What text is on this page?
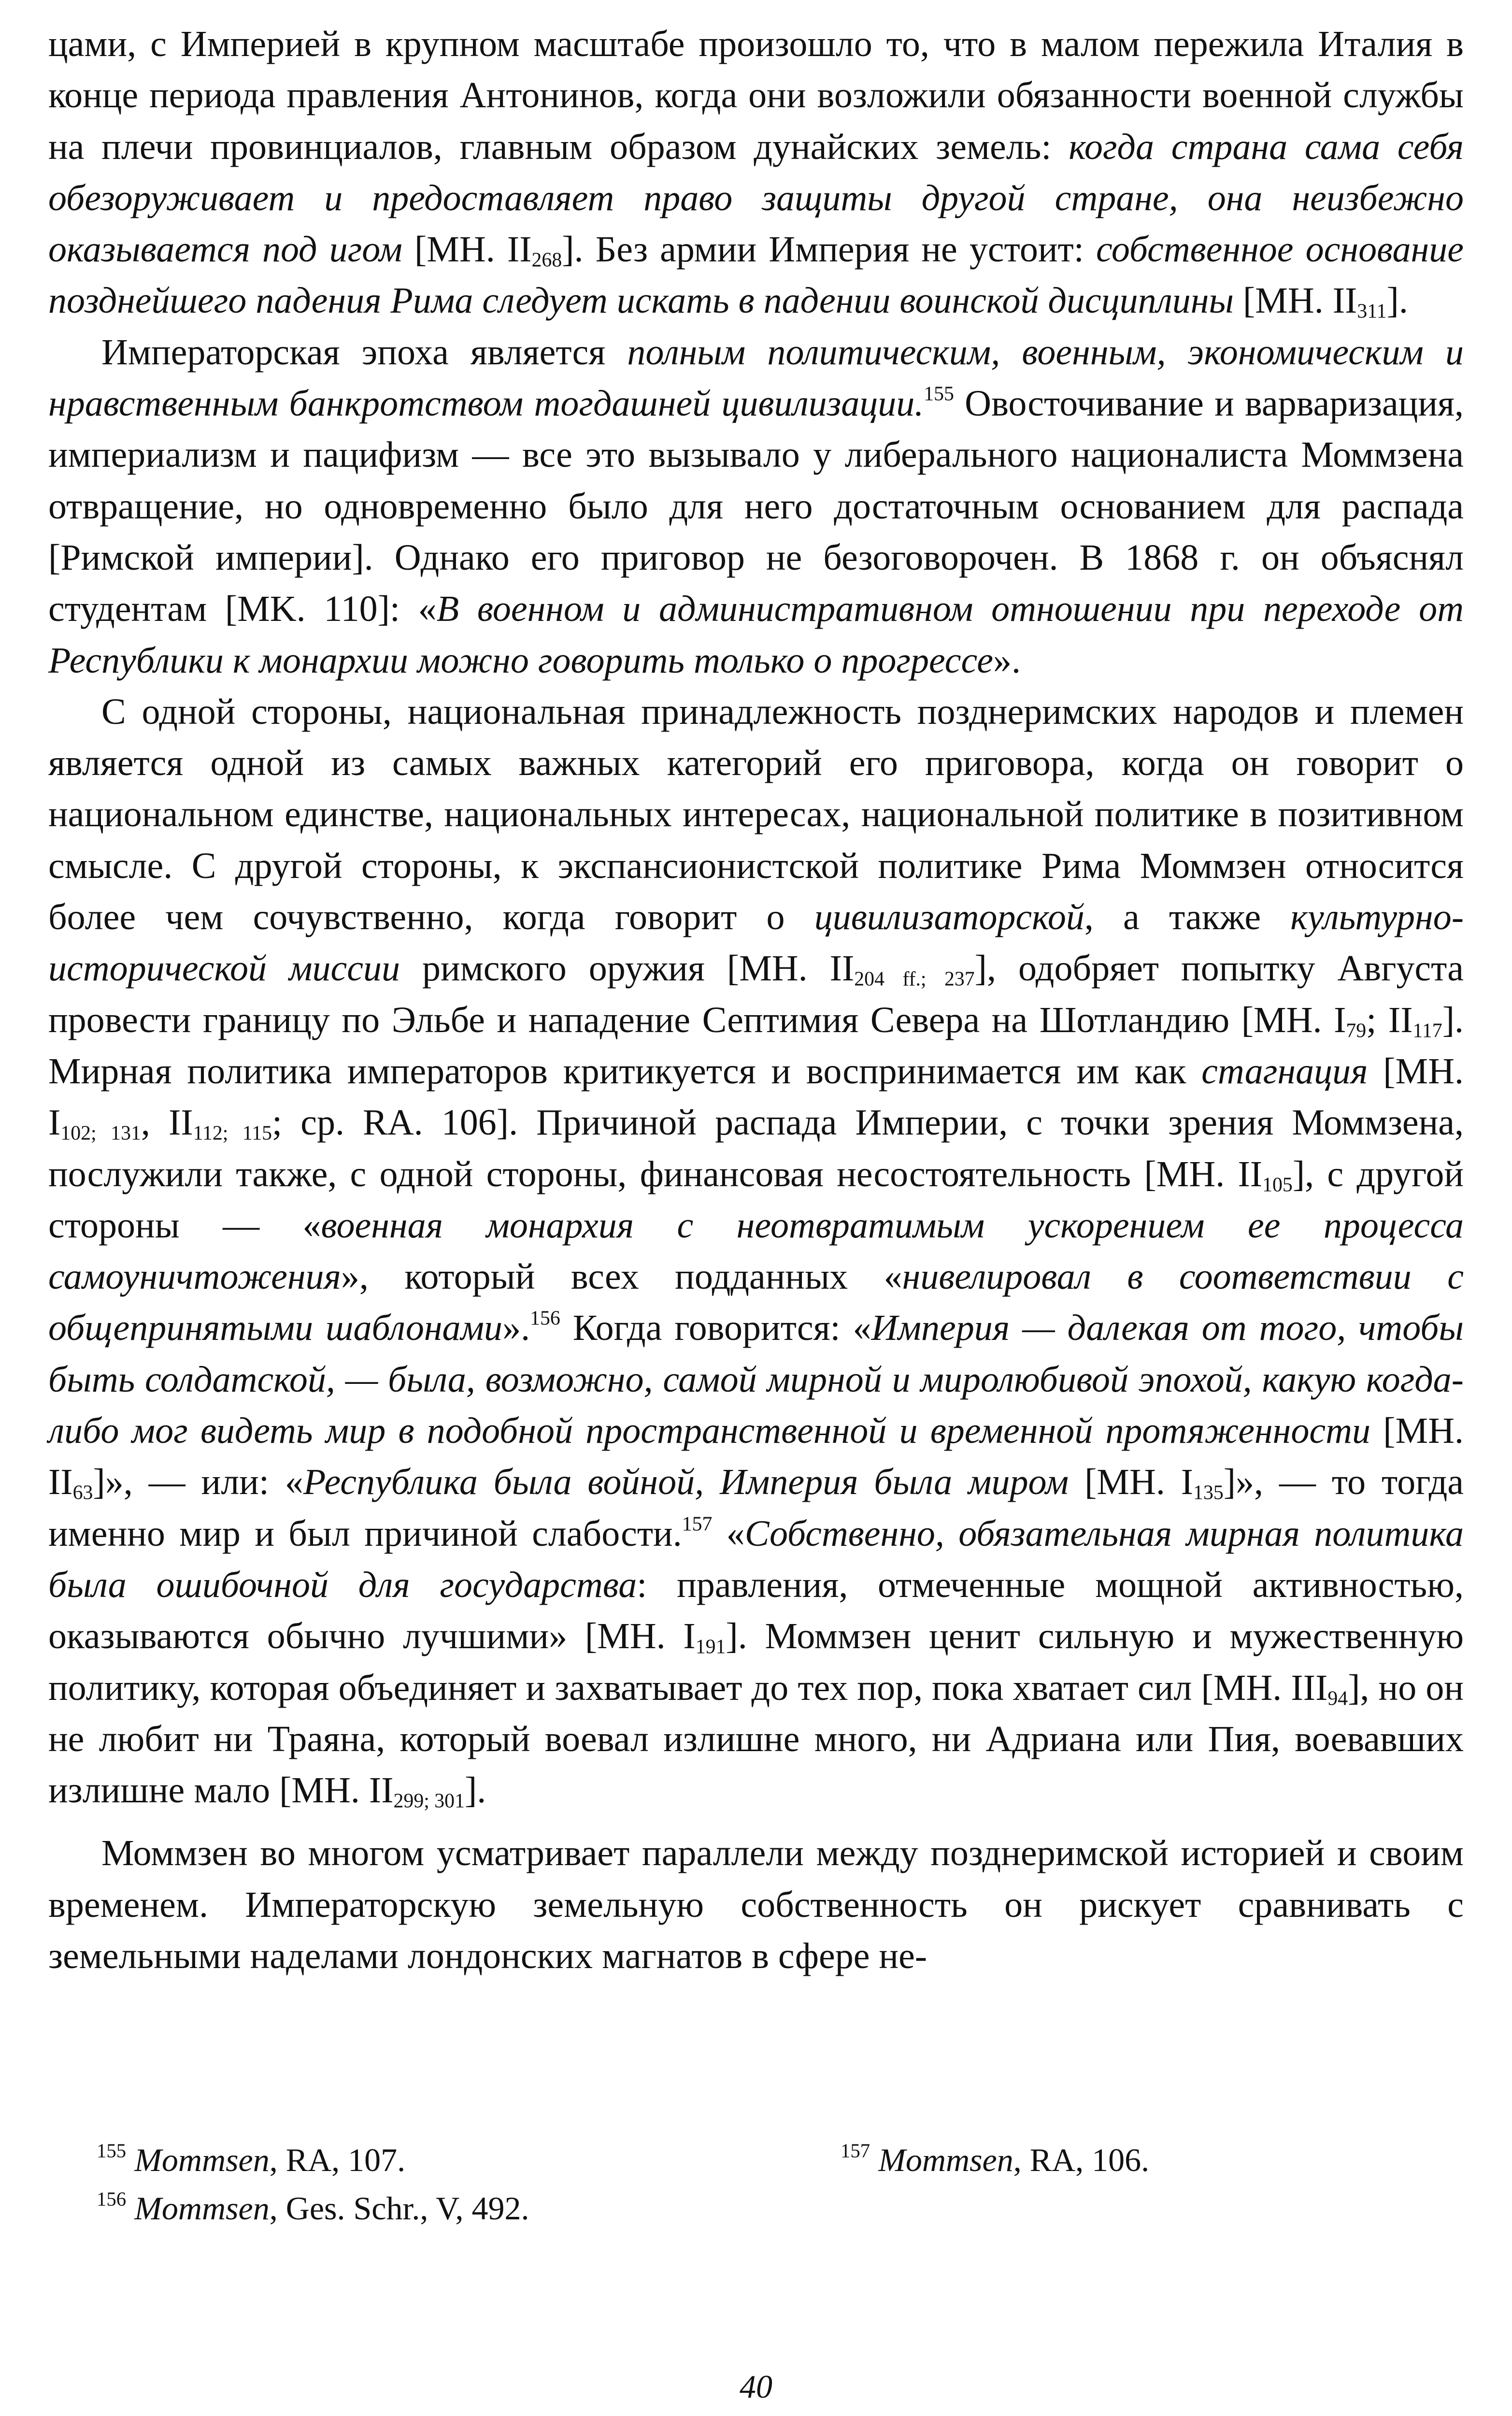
цами, с Империей в крупном масштабе произошло то, что в малом пережила Италия в конце периода правления Антонинов, когда они возложили обязанности военной службы на плечи провинциалов, главным образом дунайских земель: когда страна сама себя обезоруживает и предоставляет право защиты другой стране, она неизбежно оказывается под игом [MH. $II_{268}$]. Без армии Империя не устоит: собственное основание позднейшего падения Рима следует искать в падении воинской дисциплины [MH. $II_{311}$].

Императорская эпоха является полным политическим, военным, экономическим и нравственным банкротством тогдашней цивилизации.$^{155}$ Овосточивание и варваризация, империализм и пацифизм — все это вызывало у либерального националиста Моммзена отвращение, но одновременно было для него достаточным основанием для распада [Римской империи]. Однако его приговор не безоговорочен. В 1868 г. он объяснял студентам [MK. 110]: «В военном и административном отношении при переходе от Республики к монархии можно говорить только о прогрессе».

С одной стороны, национальная принадлежность позднеримских народов и племен является одной из самых важных категорий его приговора, когда он говорит о национальном единстве, национальных интересах, национальной политике в позитивном смысле. С другой стороны, к экспансионистской политике Рима Моммзен относится более чем сочувственно, когда говорит о цивилизаторской, а также культурно-исторической миссии римского оружия [MH. $II_{204 ff.; 237}$], одобряет попытку Августа провести границу по Эльбе и нападение Септимия Севера на Шотландию [MH. $I_{79}$; $II_{117}$]. Мирная политика императоров критикуется и воспринимается им как стагнация [MH. $I_{102; 131}$, $II_{112; 115}$; cp. RA. 106]. Причиной распада Империи, с точки зрения Моммзена, послужили также, с одной стороны, финансовая несостоятельность [MH. $II_{105}$], с другой стороны — «военная монархия с неотвратимым ускорением ее процесса самоуничтожения», который всех подданных «нивелировал в соответствии с общепринятыми шаблонами».$^{156}$ Когда говорится: «Империя — далекая от того, чтобы быть солдатской, — была, возможно, самой мирной и миролюбивой эпохой, какую когда-либо мог видеть мир в подобной пространственной и временной протяженности [MH. $II_{63}$]», — или: «Республика была войной, Империя была миром [MH. $I_{135}$]», — то тогда именно мир и был причиной слабости.$^{157}$ «Собственно, обязательная мирная политика была ошибочной для государства: правления, отмеченные мощной активностью, оказываются обычно лучшими» [MH. $I_{191}$]. Моммзен ценит сильную и мужественную политику, которая объединяет и захватывает до тех пор, пока хватает сил [MH. $III_{94}$], но он не любит ни Траяна, который воевал излишне много, ни Адриана или Пия, воевавших излишне мало [MH. $II_{299; 301}$].

Моммзен во многом усматривает параллели между позднеримской историей и своим временем. Императорскую земельную собственность он рискует сравнивать с земельными наделами лондонских магнатов в сфере не-

$^{155}$ Mommsen, RA, 107.	$^{157}$ Mommsen, RA, 106.
$^{156}$ Mommsen, Ges. Schr., V, 492.
40
